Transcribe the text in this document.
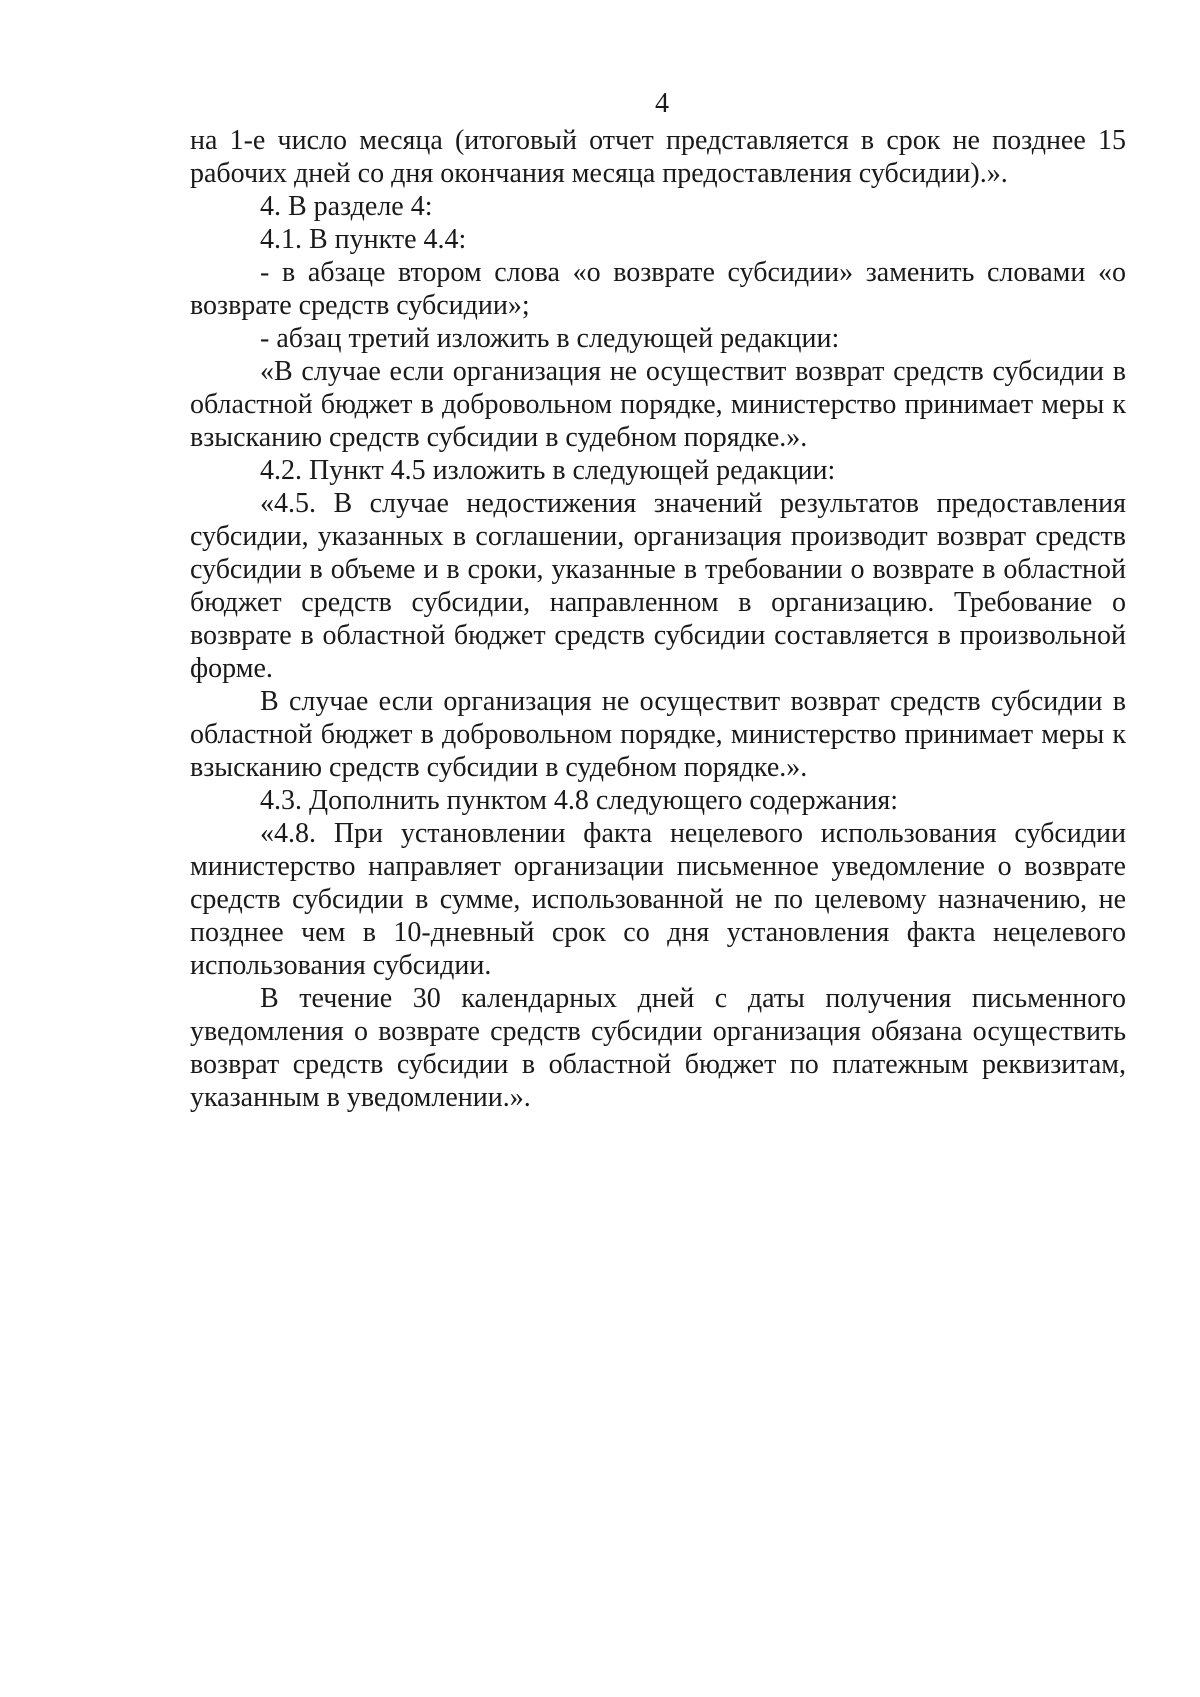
4

на 1-е число месяца (итоговый отчет представляется в срок не позднее 15 рабочих дней со дня окончания месяца предоставления субсидии).».

4. В разделе 4:

4.1. В пункте 4.4:

- в абзаце втором слова «о возврате субсидии» заменить словами «о возврате средств субсидии»;

- абзац третий изложить в следующей редакции:

«В случае если организация не осуществит возврат средств субсидии в областной бюджет в добровольном порядке, министерство принимает меры к взысканию средств субсидии в судебном порядке.».

4.2. Пункт 4.5 изложить в следующей редакции:

«4.5. В случае недостижения значений результатов предоставления субсидии, указанных в соглашении, организация производит возврат средств субсидии в объеме и в сроки, указанные в требовании о возврате в областной бюджет средств субсидии, направленном в организацию. Требование о возврате в областной бюджет средств субсидии составляется в произвольной форме.

В случае если организация не осуществит возврат средств субсидии в областной бюджет в добровольном порядке, министерство принимает меры к взысканию средств субсидии в судебном порядке.».

4.3. Дополнить пунктом 4.8 следующего содержания:

«4.8. При установлении факта нецелевого использования субсидии министерство направляет организации письменное уведомление о возврате средств субсидии в сумме, использованной не по целевому назначению, не позднее чем в 10-дневный срок со дня установления факта нецелевого использования субсидии.

В течение 30 календарных дней с даты получения письменного уведомления о возврате средств субсидии организация обязана осуществить возврат средств субсидии в областной бюджет по платежным реквизитам, указанным в уведомлении.».
